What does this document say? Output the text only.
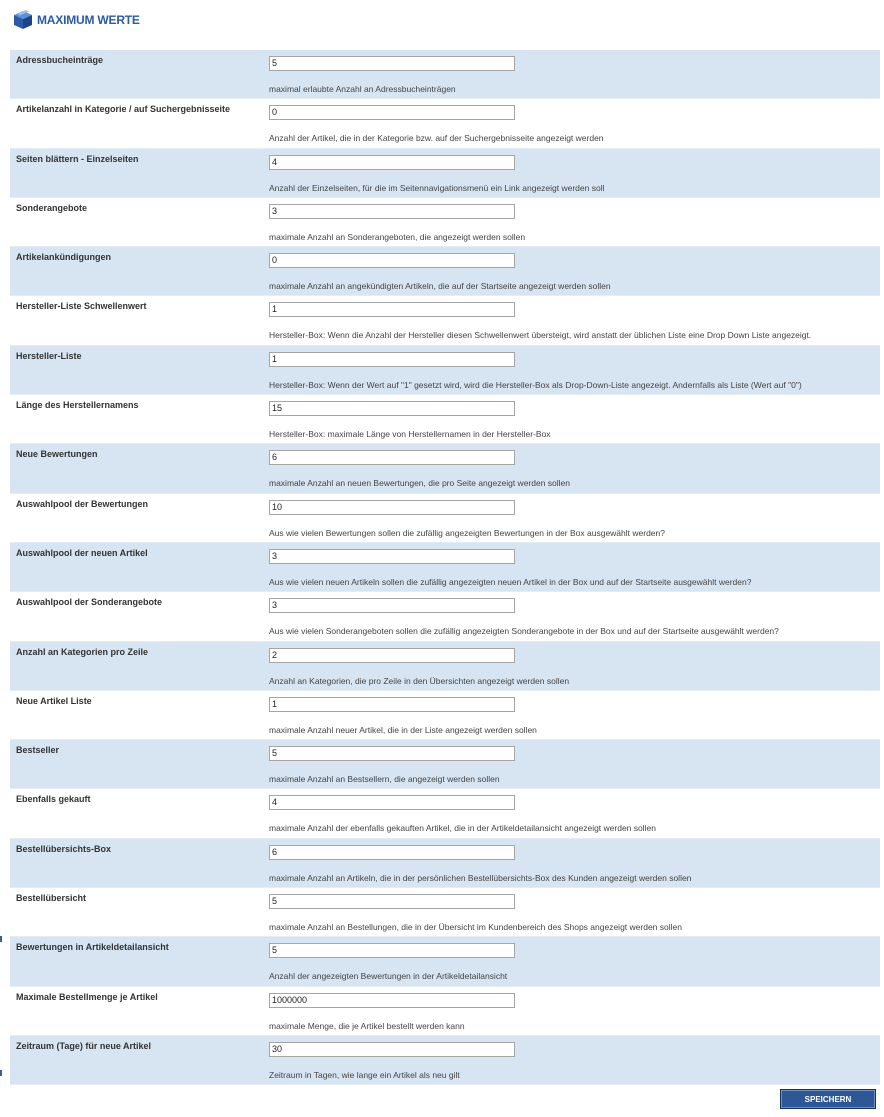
MAXIMUM WERTE
Adressbucheinträge
5
maximal erlaubte Anzahl an Adressbucheinträgen
Artikelanzahl in Kategorie / auf Suchergebnisseite
0
Anzahl der Artikel, die in der Kategorie bzw. auf der Suchergebnisseite angezeigt werden
Seiten blättern - Einzelseiten
4
Anzahl der Einzelseiten, für die im Seitennavigationsmenü ein Link angezeigt werden soll
Sonderangebote
3
maximale Anzahl an Sonderangeboten, die angezeigt werden sollen
Artikelankündigungen
0
maximale Anzahl an angekündigten Artikeln, die auf der Startseite angezeigt werden sollen
Hersteller-Liste Schwellenwert
1
Hersteller-Box: Wenn die Anzahl der Hersteller diesen Schwellenwert übersteigt, wird anstatt der üblichen Liste eine Drop Down Liste angezeigt.
Hersteller-Liste
1
Hersteller-Box: Wenn der Wert auf "1" gesetzt wird, wird die Hersteller-Box als Drop-Down-Liste angezeigt. Andernfalls als Liste (Wert auf "0")
Länge des Herstellernamens
15
Hersteller-Box: maximale Länge von Herstellernamen in der Hersteller-Box
Neue Bewertungen
6
maximale Anzahl an neuen Bewertungen, die pro Seite angezeigt werden sollen
Auswahlpool der Bewertungen
10
Aus wie vielen Bewertungen sollen die zufällig angezeigten Bewertungen in der Box ausgewählt werden?
Auswahlpool der neuen Artikel
3
Aus wie vielen neuen Artikeln sollen die zufällig angezeigten neuen Artikel in der Box und auf der Startseite ausgewählt werden?
Auswahlpool der Sonderangebote
3
Aus wie vielen Sonderangeboten sollen die zufällig angezeigten Sonderangebote in der Box und auf der Startseite ausgewählt werden?
Anzahl an Kategorien pro Zeile
2
Anzahl an Kategorien, die pro Zeile in den Übersichten angezeigt werden sollen
Neue Artikel Liste
1
maximale Anzahl neuer Artikel, die in der Liste angezeigt werden sollen
Bestseller
5
maximale Anzahl an Bestsellern, die angezeigt werden sollen
Ebenfalls gekauft
4
maximale Anzahl der ebenfalls gekauften Artikel, die in der Artikeldetailansicht angezeigt werden sollen
Bestellübersichts-Box
6
maximale Anzahl an Artikeln, die in der persönlichen Bestellübersichts-Box des Kunden angezeigt werden sollen
Bestellübersicht
5
maximale Anzahl an Bestellungen, die in der Übersicht im Kundenbereich des Shops angezeigt werden sollen
Bewertungen in Artikeldetailansicht
5
Anzahl der angezeigten Bewertungen in der Artikeldetailansicht
Maximale Bestellmenge je Artikel
1000000
maximale Menge, die je Artikel bestellt werden kann
Zeitraum (Tage) für neue Artikel
30
Zeitraum in Tagen, wie lange ein Artikel als neu gilt
SPEICHERN
